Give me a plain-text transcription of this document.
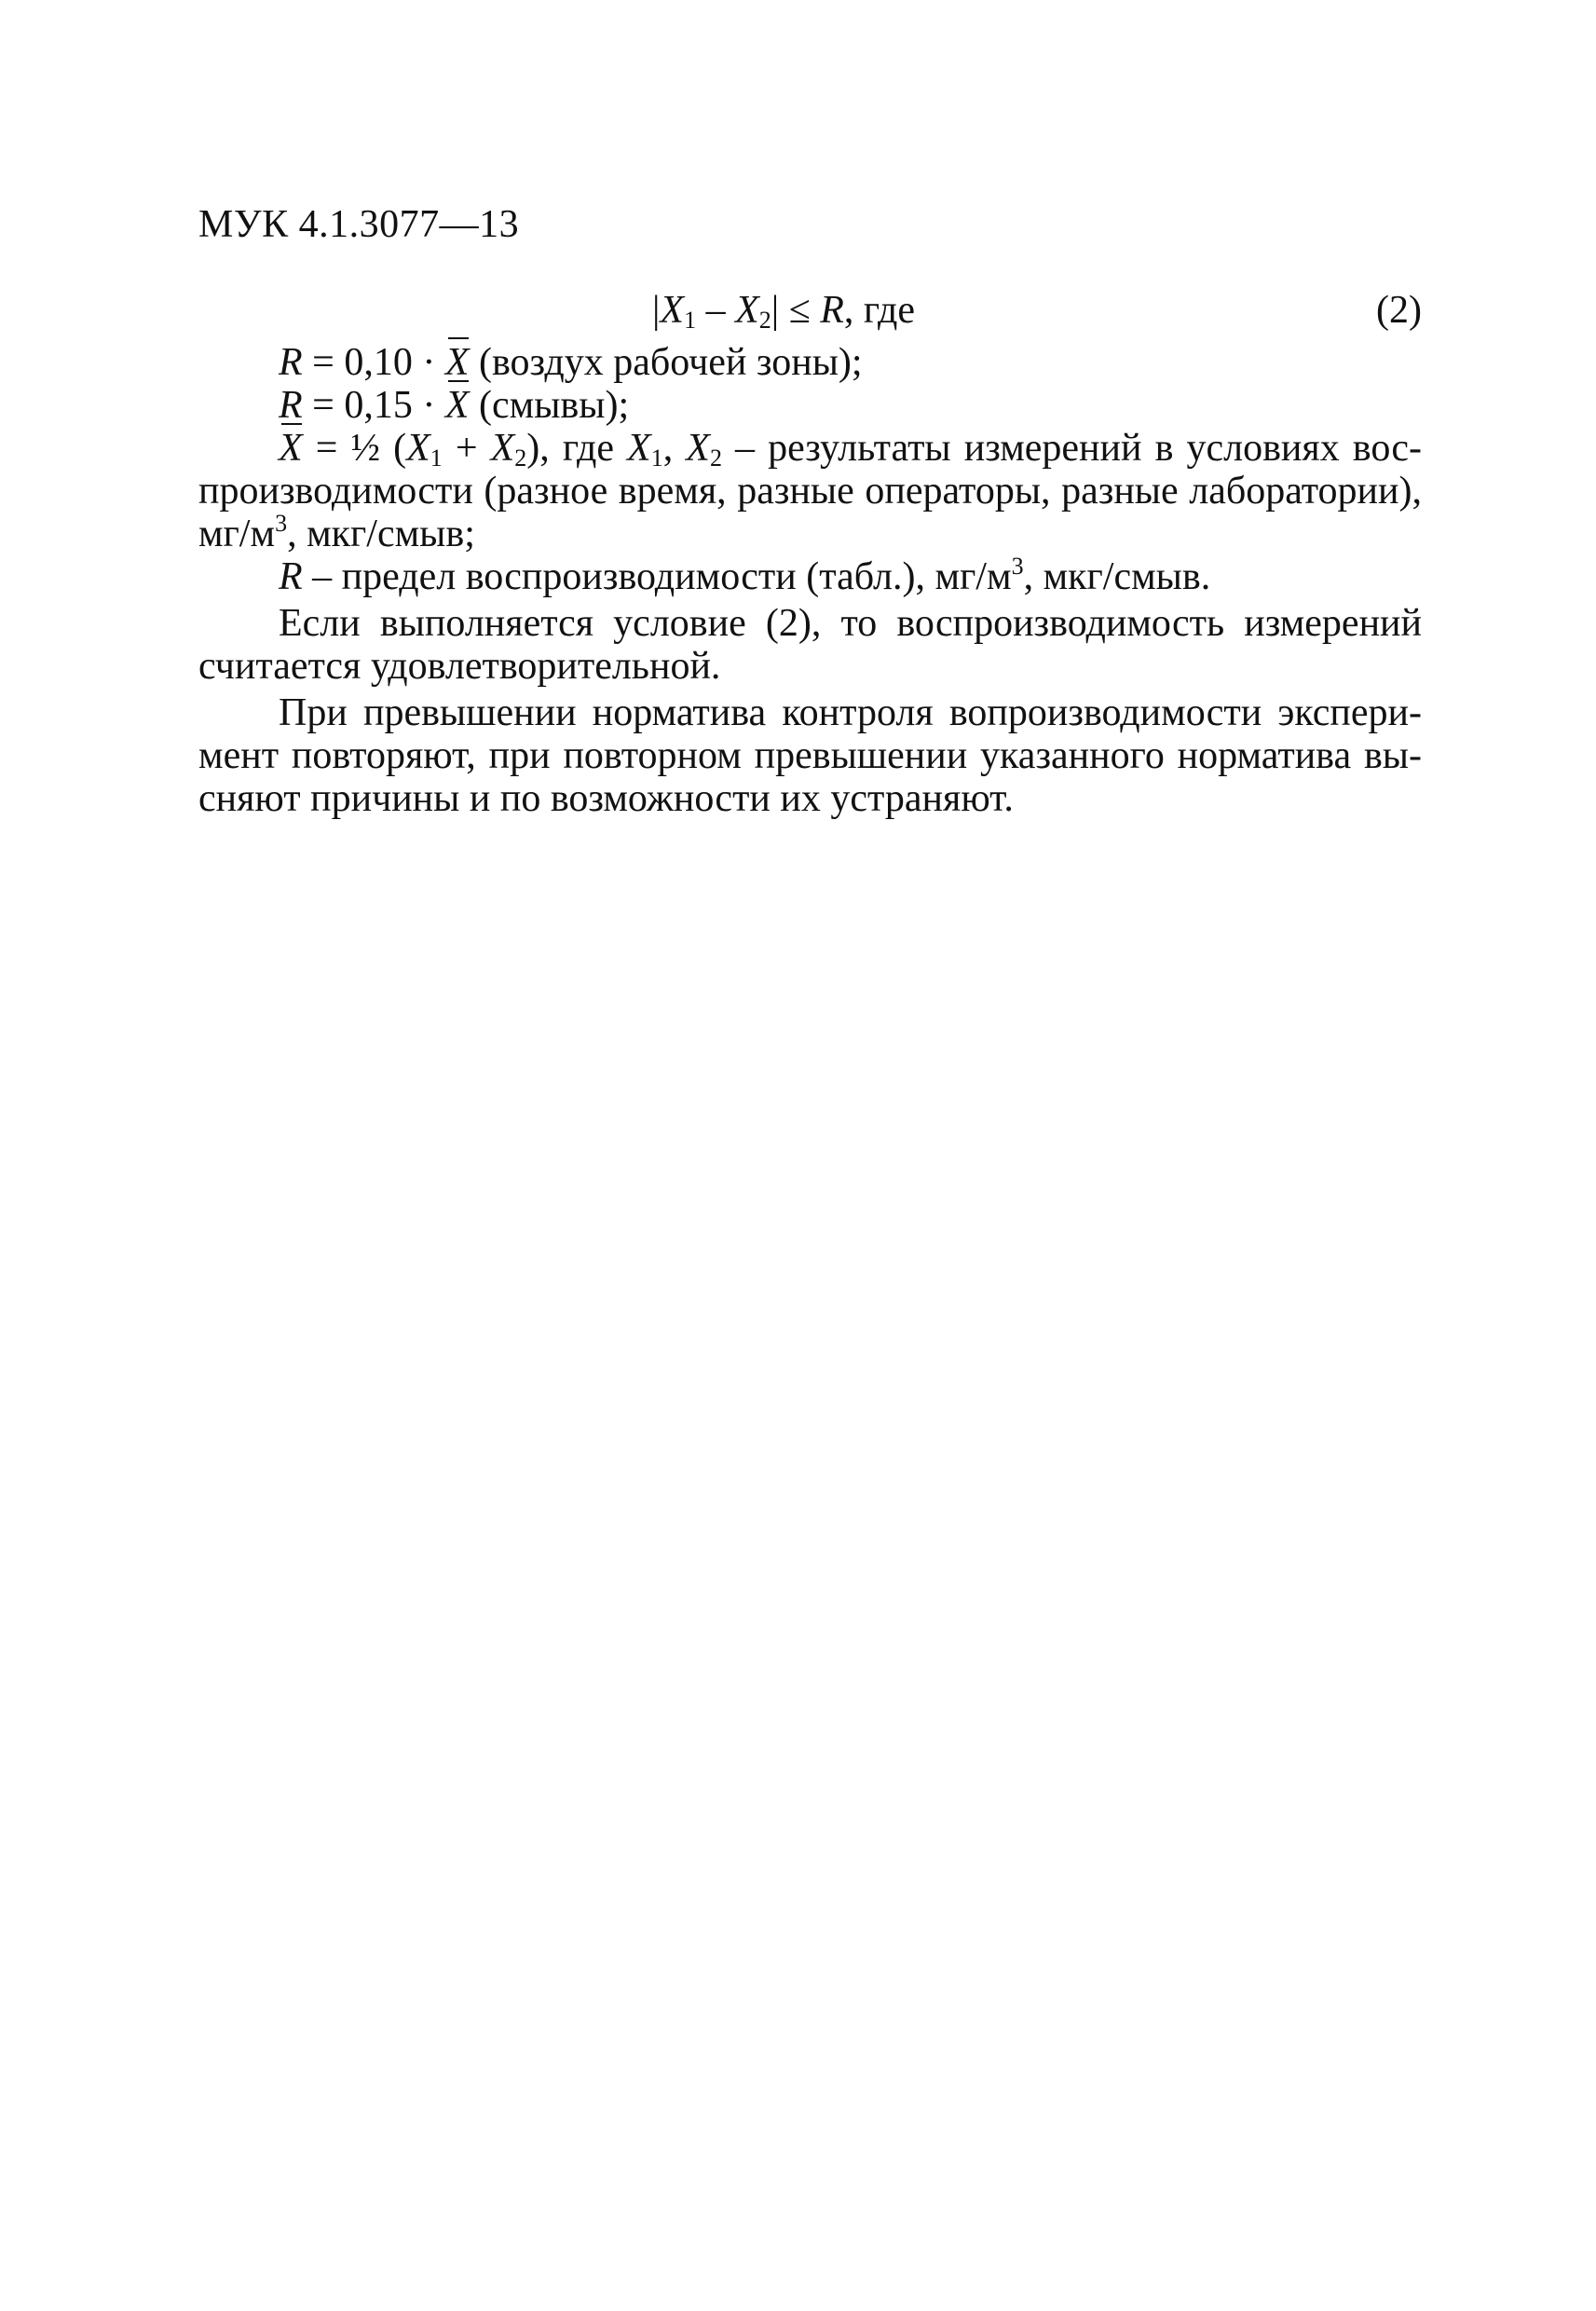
МУК 4.1.3077—13
$|X_1 - X_2| \le R$, где	(2)
R = 0,10 · X (воздух рабочей зоны);
R = 0,15 · X (смывы);
X = ½ $(X_1 + X_2)$, где $X_1$, $X_2$ – результаты измерений в условиях вос-
производимости (разное время, разные операторы, разные лаборатории),
$мг/м^3$, мкг/смыв;
R – предел воспроизводимости (табл.), $мг/м^3$, мкг/смыв.
Если выполняется условие (2), то воспроизводимость измерений
считается удовлетворительной.
При превышении норматива контроля вопроизводимости экспери-
мент повторяют, при повторном превышении указанного норматива вы-
сняют причины и по возможности их устраняют.
